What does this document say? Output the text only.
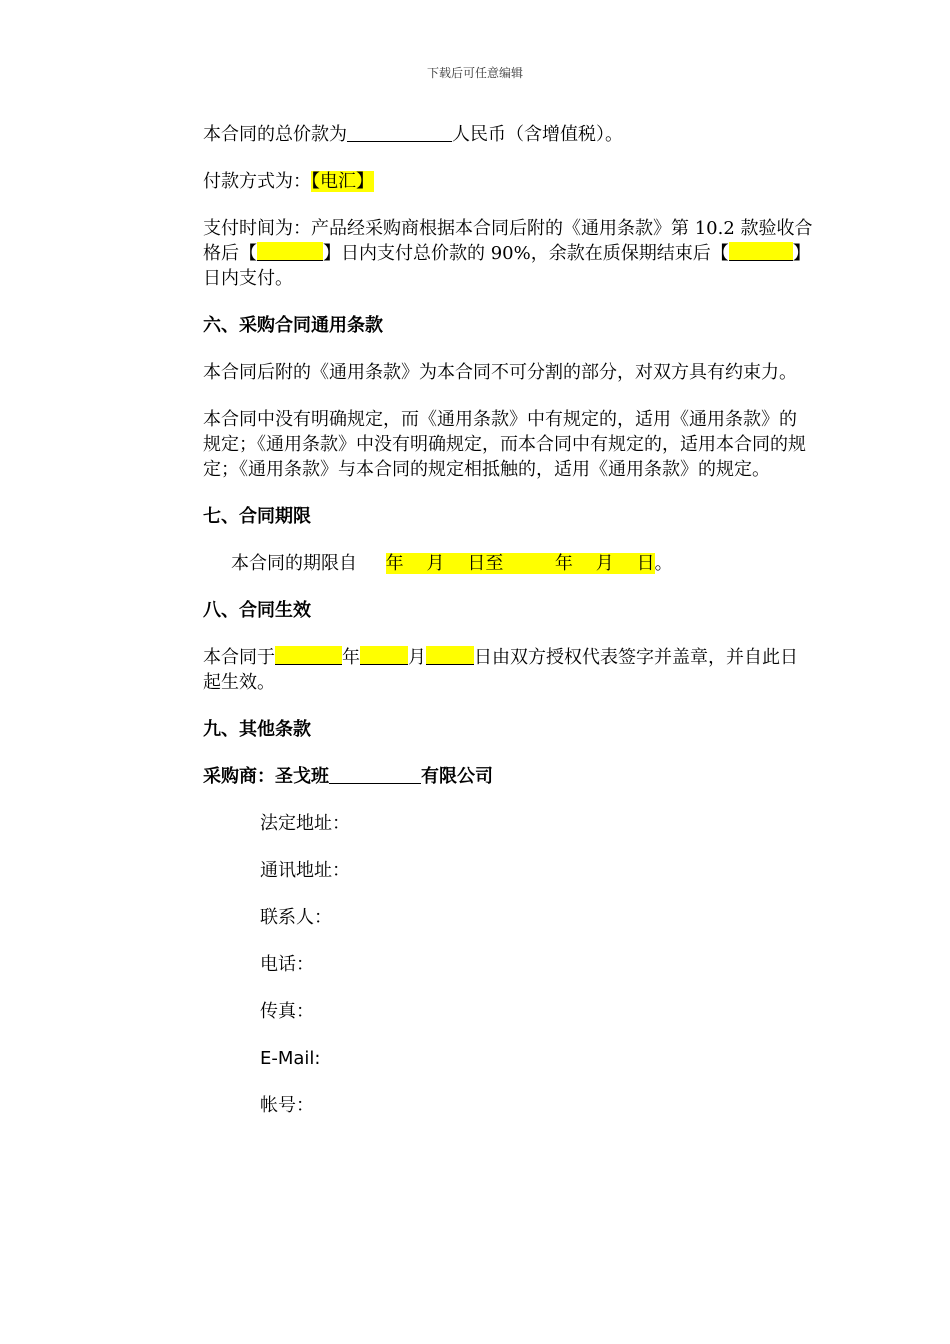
下载后可任意编辑

本合同的总价款为	人民币（含增值税）。

付款方式为：【电汇】

支付时间为：产品经采购商根据本合同后附的《通用条款》第 10.2 款验收合格后【	】日内支付总价款的 90%，余款在质保期结束后【	】日内支付。

六、采购合同通用条款

本合同后附的《通用条款》为本合同不可分割的部分，对双方具有约束力。

本合同中没有明确规定，而《通用条款》中有规定的，适用《通用条款》的规定；《通用条款》中没有明确规定，而本合同中有规定的，适用本合同的规定；《通用条款》与本合同的规定相抵触的，适用《通用条款》的规定。

七、合同期限

本合同的期限自 年    月    日至         年    月    日。

八、合同生效

本合同于	年	月	日由双方授权代表签字并盖章，并自此日起生效。

九、其他条款

采购商：圣戈班	有限公司

法定地址：

通讯地址：

联系人：

电话：

传真：

E-Mail:

帐号：
